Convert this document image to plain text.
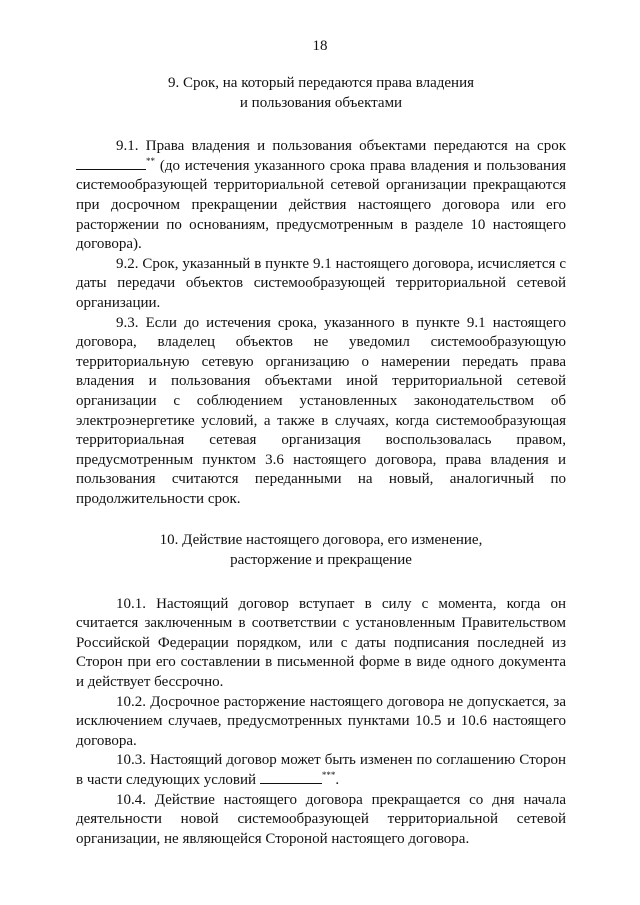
18
9. Срок, на который передаются права владения
и пользования объектами

9.1. Права владения и пользования объектами передаются на срок ** (до истечения указанного срока права владения и пользования системообразующей территориальной сетевой организации прекращаются при досрочном прекращении действия настоящего договора или его расторжении по основаниям, предусмотренным в разделе 10 настоящего договора).

9.2. Срок, указанный в пункте 9.1 настоящего договора, исчисляется с даты передачи объектов системообразующей территориальной сетевой организации.

9.3. Если до истечения срока, указанного в пункте 9.1 настоящего договора, владелец объектов не уведомил системообразующую территориальную сетевую организацию о намерении передать права владения и пользования объектами иной территориальной сетевой организации с соблюдением установленных законодательством об электроэнергетике условий, а также в случаях, когда системообразующая территориальная сетевая организация воспользовалась правом, предусмотренным пунктом 3.6 настоящего договора, права владения и пользования считаются переданными на новый, аналогичный по продолжительности срок.

10. Действие настоящего договора, его изменение,
расторжение и прекращение

10.1. Настоящий договор вступает в силу с момента, когда он считается заключенным в соответствии с установленным Правительством Российской Федерации порядком, или с даты подписания последней из Сторон при его составлении в письменной форме в виде одного документа и действует бессрочно.

10.2. Досрочное расторжение настоящего договора не допускается, за исключением случаев, предусмотренных пунктами 10.5 и 10.6 настоящего договора.

10.3. Настоящий договор может быть изменен по соглашению Сторон в части следующих условий	***.

10.4. Действие настоящего договора прекращается со дня начала деятельности новой системообразующей территориальной сетевой организации, не являющейся Стороной настоящего договора.
